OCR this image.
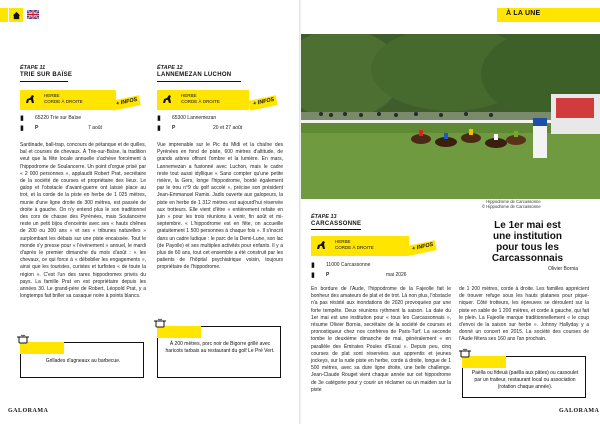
À LA UNE
ÉTAPE 11
TRIE SUR BAÏSE
HERBE
CORDE À DROITE	+ INFOS
▮ 65220 Trie sur Baïse
▮ P	7 août
ÉTAPE 12
LANNEMEZAN LUCHON
HERBE
CORDE À DROITE	+ INFOS
▮ 65300 Lannemezan
▮ P	20 et 27 août
Sardinade, ball-trap, concours de pétanque et de quilles, bal et courses de chevaux. À Trie-sur-Baïse, la tradition veut que la fête locale annuelle s'achève forcément à l'hippodrome de Soulancerre. Un point d'orgue prisé par « 2 000 personnes », applaudit Robert Prat, secrétaire de la société de courses et propriétaire des lieux. Le galop et l'obstacle d'avant-guerre ont laissé place au trot, et la corde de la piste en herbe de 1 025 mètres, munie d'une ligne droite de 300 mètres, est passée de droite à gauche. On n'y entend plus le son traditionnel des cors de chasse des Pyrénées, mais Soulancerre reste un petit bijou d'enceinte avec ses « hauts chênes de 200 ou 300 ans » et ses « tribunes naturelles » surplombant les débats sur une piste encaissée. Tout le monde s'y presse pour « l'événement » annuel, le mardi d'après le premier dimanche du mois d'août : « les chevaux, ce qui force à « débobiler les engagements », ainsi que les touristes, curistes et turfistes « de toute la région ». C'est l'un des rares hippodromes privés du pays. La famille Prat en est propriétaire depuis les années 30. Le grand-père de Robert, Léopold Prat, y a longtemps fait briller sa casaque noire à points blancs.
Vue imprenable sur le Pic du Midi et la chaîne des Pyrénées en fond de piste, 600 mètres d'altitude, de grands arbres offrant l'ombre et la lumière. En mars, Lannemezan a fusionné avec Luchon, mais le cadre reste tout aussi idyllique « Sans compter qu'une petite rivière, la Gers, longe l'hippodrome, bordé également par le trou n°9 du golf accolé », précise son président Jean-Emmanuel Ramis. Jadis ouverte aux galopeurs, la piste en herbe de 1 312 mètres est aujourd'hui réservée aux trotteurs. Elle vient d'être « entièrement refaite en juin » pour les trois réunions à venir, fin août et mi-septembre. « L'hippodrome est en fête, on accueille gratuitement 1 500 personnes à chaque fois ». Il s'inscrit dans un cadre ludique : le parc de la Demi-Lune, son lac (de Payolle) et ses multiples activités pour enfants. Il y a plus de 60 ans, tout cet ensemble a été construit par les patients de l'hôpital psychiatrique voisin, toujours propriétaire de l'hippodrome.
Grillades d'agneaux au barbecue.
À 200 mètres, porc noir de Bigorre grillé avec haricots tarbais au restaurant du golf Le Pré Vert.
GALORAMA
Hippodrome de Carcassonne
© Hippodrome de Carcassonne
ÉTAPE 13
CARCASSONNE
HERBE
CORDE À DROITE	+ INFOS
▮ 11000 Carcassonne
▮ P	mai 2026
Le 1er mai est
une institution
pour tous les
Carcassonnais
Olivier Bornia
En bordure de l'Aude, l'hippodrome de la Fajeolle fait le bonheur des amateurs de plat et de trot. Là non plus, l'obstacle n'a pas résisté aux inondations de 2020 provoquées par une forte tempête. Deux réunions rythment la saison. La date du 1er mai est une institution pour « tous les Carcassonnais », résume Olivier Bornia, secrétaire de la société de courses et pronostiqueur chez nos confrères de Paris-Turf. La seconde tombe le deuxième dimanche de mai, généralement « en parallèle des Émirates Poules d'Essai ». Depuis peu, cinq courses de plat sont réservées aux apprentis et jeunes jockeys, sur la rude piste en herbe, corde à droite, longue de 1 500 mètres, avec sa dure ligne droite, une belle challenge. Jean-Claude Rouget vient chaque année sur cet hippodrome de 3e catégorie pour y courir un réclamer ou un maiden sur la piste
de 1 200 mètres, corde à droite. Les familles apprécient de trouver refuge sous les hauts platanes pour pique-niquer. Côté trotteurs, les épreuves se déroulent sur la piste en sable de 1 200 mètres, et corde à gauche, qui fait le plein. La Fajeolle marque traditionnellement « le coup d'envoi de la saison sur herbe ». Johnny Hallyday y a donné un concert en 2015. La société des courses de l'Aude fêtera ses 160 ans l'an prochain.
Paëlla ou fideuà (paëlla aux pâtes) ou cassoulet par un traiteur, restaurant local ou association (rotation chaque année).
GALORAMA
